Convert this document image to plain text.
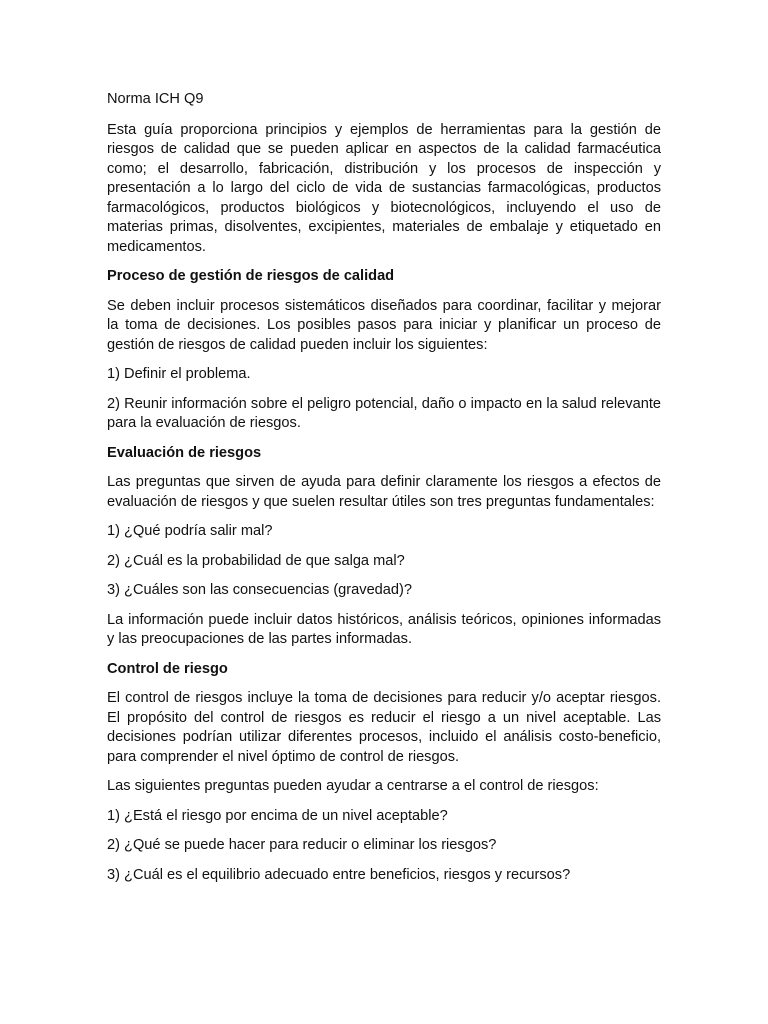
Norma ICH Q9

Esta guía proporciona principios y ejemplos de herramientas para la gestión de riesgos de calidad que se pueden aplicar en aspectos de la calidad farmacéutica como; el desarrollo, fabricación, distribución y los procesos de inspección y presentación a lo largo del ciclo de vida de sustancias farmacológicas, productos farmacológicos, productos biológicos y biotecnológicos, incluyendo el uso de materias primas, disolventes, excipientes, materiales de embalaje y etiquetado en medicamentos.

Proceso de gestión de riesgos de calidad

Se deben incluir procesos sistemáticos diseñados para coordinar, facilitar y mejorar la toma de decisiones. Los posibles pasos para iniciar y planificar un proceso de gestión de riesgos de calidad pueden incluir los siguientes:

1) Definir el problema.

2) Reunir información sobre el peligro potencial, daño o impacto en la salud relevante para la evaluación de riesgos.

Evaluación de riesgos

Las preguntas que sirven de ayuda para definir claramente los riesgos a efectos de evaluación de riesgos y que suelen resultar útiles son tres preguntas fundamentales:

1) ¿Qué podría salir mal?

2) ¿Cuál es la probabilidad de que salga mal?

3) ¿Cuáles son las consecuencias (gravedad)?

La información puede incluir datos históricos, análisis teóricos, opiniones informadas y las preocupaciones de las partes informadas.

Control de riesgo

El control de riesgos incluye la toma de decisiones para reducir y/o aceptar riesgos. El propósito del control de riesgos es reducir el riesgo a un nivel aceptable. Las decisiones podrían utilizar diferentes procesos, incluido el análisis costo-beneficio, para comprender el nivel óptimo de control de riesgos.

Las siguientes preguntas pueden ayudar a centrarse a el control de riesgos:

1) ¿Está el riesgo por encima de un nivel aceptable?

2) ¿Qué se puede hacer para reducir o eliminar los riesgos?

3) ¿Cuál es el equilibrio adecuado entre beneficios, riesgos y recursos?
